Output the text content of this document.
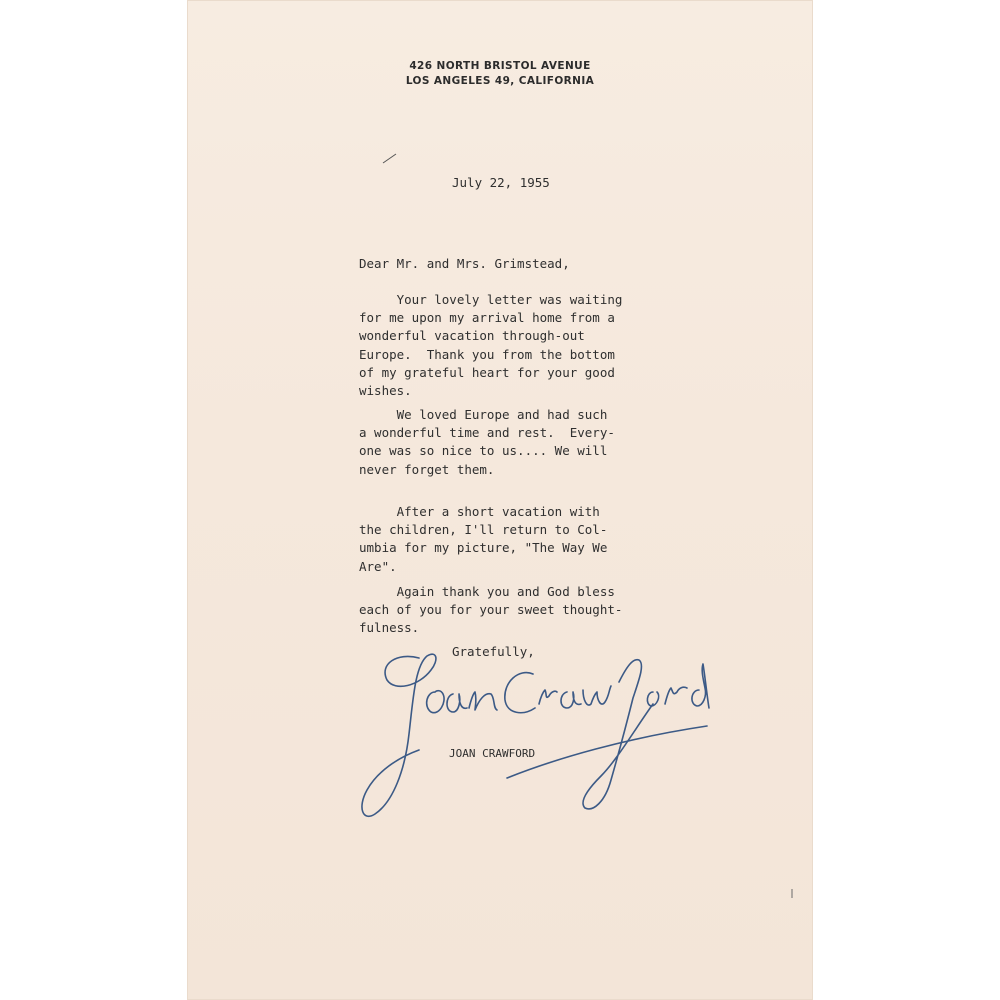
426 NORTH BRISTOL AVENUE
LOS ANGELES 49, CALIFORNIA
July 22, 1955
Dear Mr. and Mrs. Grimstead,
Your lovely letter was waiting
for me upon my arrival home from a
wonderful vacation through-out
Europe.  Thank you from the bottom
of my grateful heart for your good
wishes.
We loved Europe and had such
a wonderful time and rest.  Every-
one was so nice to us.... We will
never forget them.
After a short vacation with
the children, I'll return to Col-
umbia for my picture, "The Way We
Are".
Again thank you and God bless
each of you for your sweet thought-
fulness.
Gratefully,
JOAN CRAWFORD
